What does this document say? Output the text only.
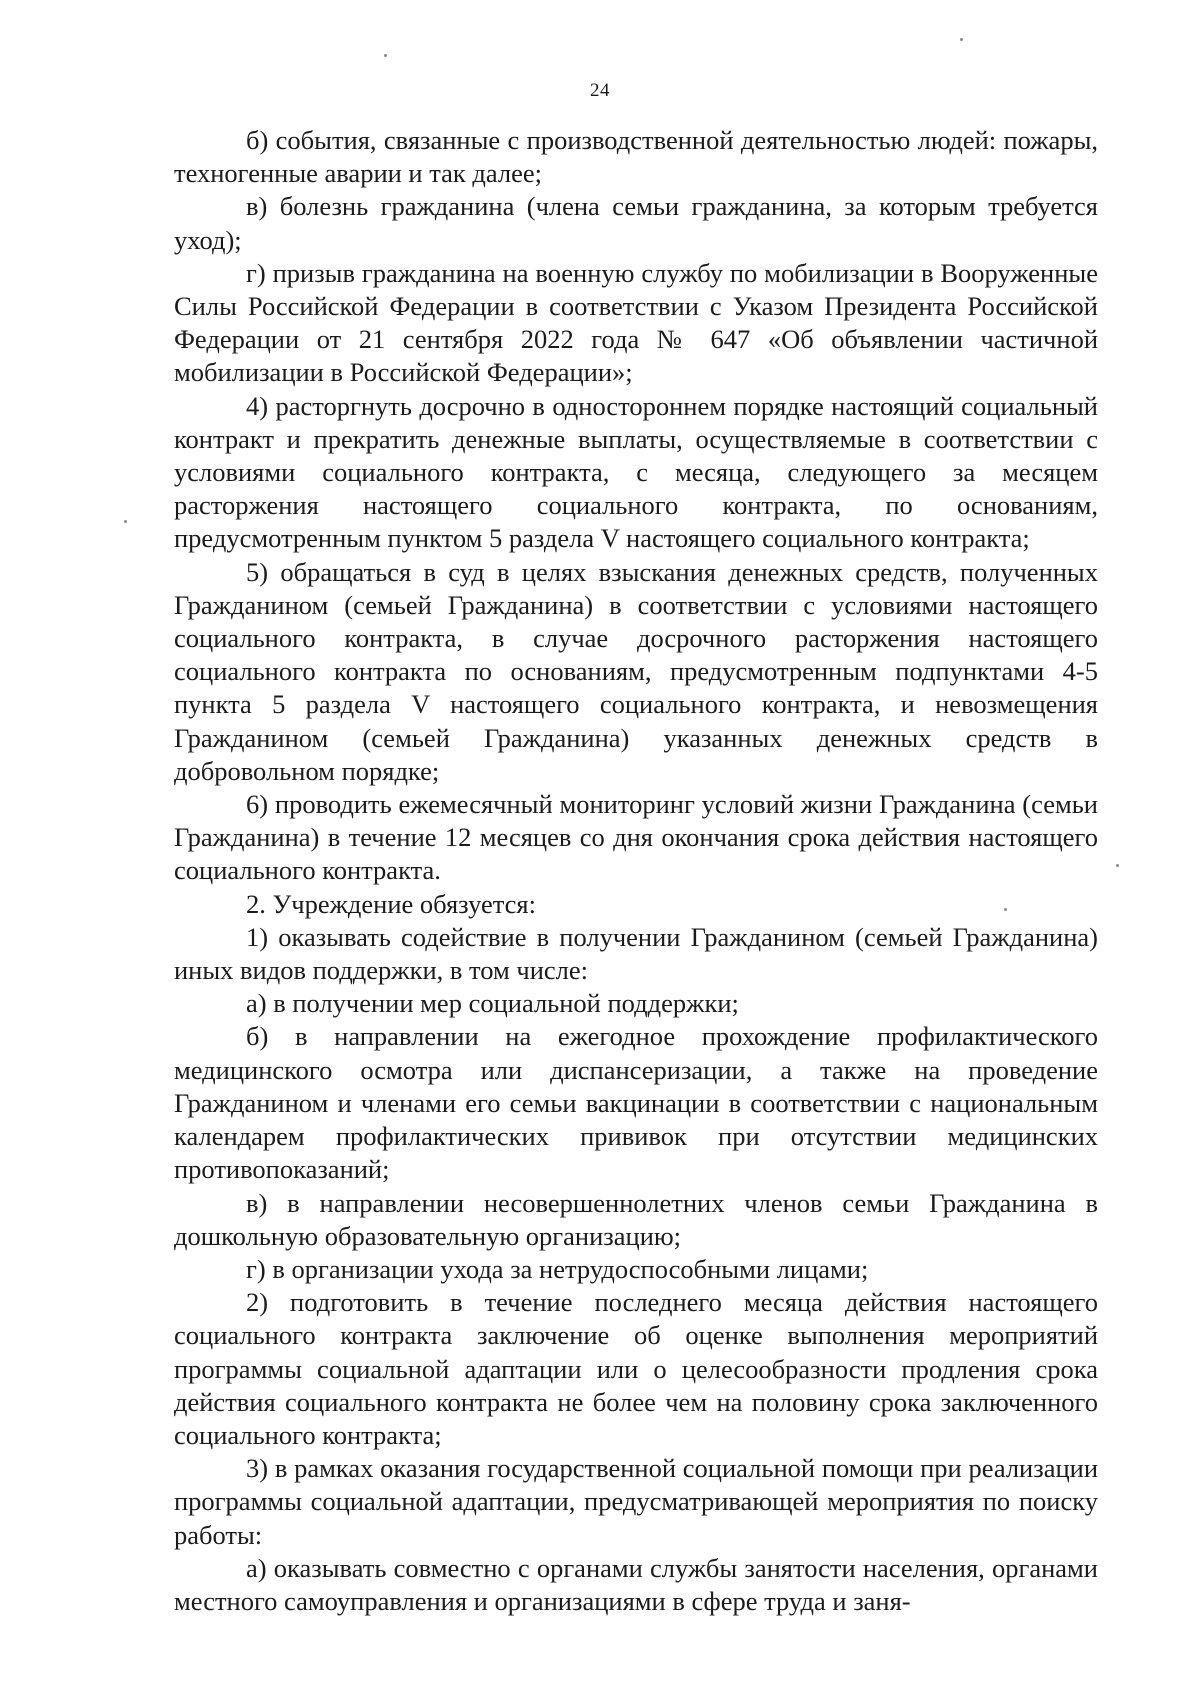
24

б) события, связанные с производственной деятельностью людей: пожары, техногенные аварии и так далее;

в) болезнь гражданина (члена семьи гражданина, за которым требуется уход);

г) призыв гражданина на военную службу по мобилизации в Вооруженные Силы Российской Федерации в соответствии с Указом Президента Российской Федерации от 21 сентября 2022 года № 647 «Об объявлении частичной мобилизации в Российской Федерации»;

4) расторгнуть досрочно в одностороннем порядке настоящий социальный контракт и прекратить денежные выплаты, осуществляемые в соответствии с условиями социального контракта, с месяца, следующего за месяцем расторжения настоящего социального контракта, по основаниям, предусмотренным пунктом 5 раздела V настоящего социального контракта;

5) обращаться в суд в целях взыскания денежных средств, полученных Гражданином (семьей Гражданина) в соответствии с условиями настоящего социального контракта, в случае досрочного расторжения настоящего социального контракта по основаниям, предусмотренным подпунктами 4-5 пункта 5 раздела V настоящего социального контракта, и невозмещения Гражданином (семьей Гражданина) указанных денежных средств в добровольном порядке;

6) проводить ежемесячный мониторинг условий жизни Гражданина (семьи Гражданина) в течение 12 месяцев со дня окончания срока действия настоящего социального контракта.

2. Учреждение обязуется:

1) оказывать содействие в получении Гражданином (семьей Гражданина) иных видов поддержки, в том числе:

а) в получении мер социальной поддержки;

б) в направлении на ежегодное прохождение профилактического медицинского осмотра или диспансеризации, а также на проведение Гражданином и членами его семьи вакцинации в соответствии с национальным календарем профилактических прививок при отсутствии медицинских противопоказаний;

в) в направлении несовершеннолетних членов семьи Гражданина в дошкольную образовательную организацию;

г) в организации ухода за нетрудоспособными лицами;

2) подготовить в течение последнего месяца действия настоящего социального контракта заключение об оценке выполнения мероприятий программы социальной адаптации или о целесообразности продления срока действия социального контракта не более чем на половину срока заключенного социального контракта;

3) в рамках оказания государственной социальной помощи при реализации программы социальной адаптации, предусматривающей мероприятия по поиску работы:

а) оказывать совместно с органами службы занятости населения, органами местного самоуправления и организациями в сфере труда и заня-
